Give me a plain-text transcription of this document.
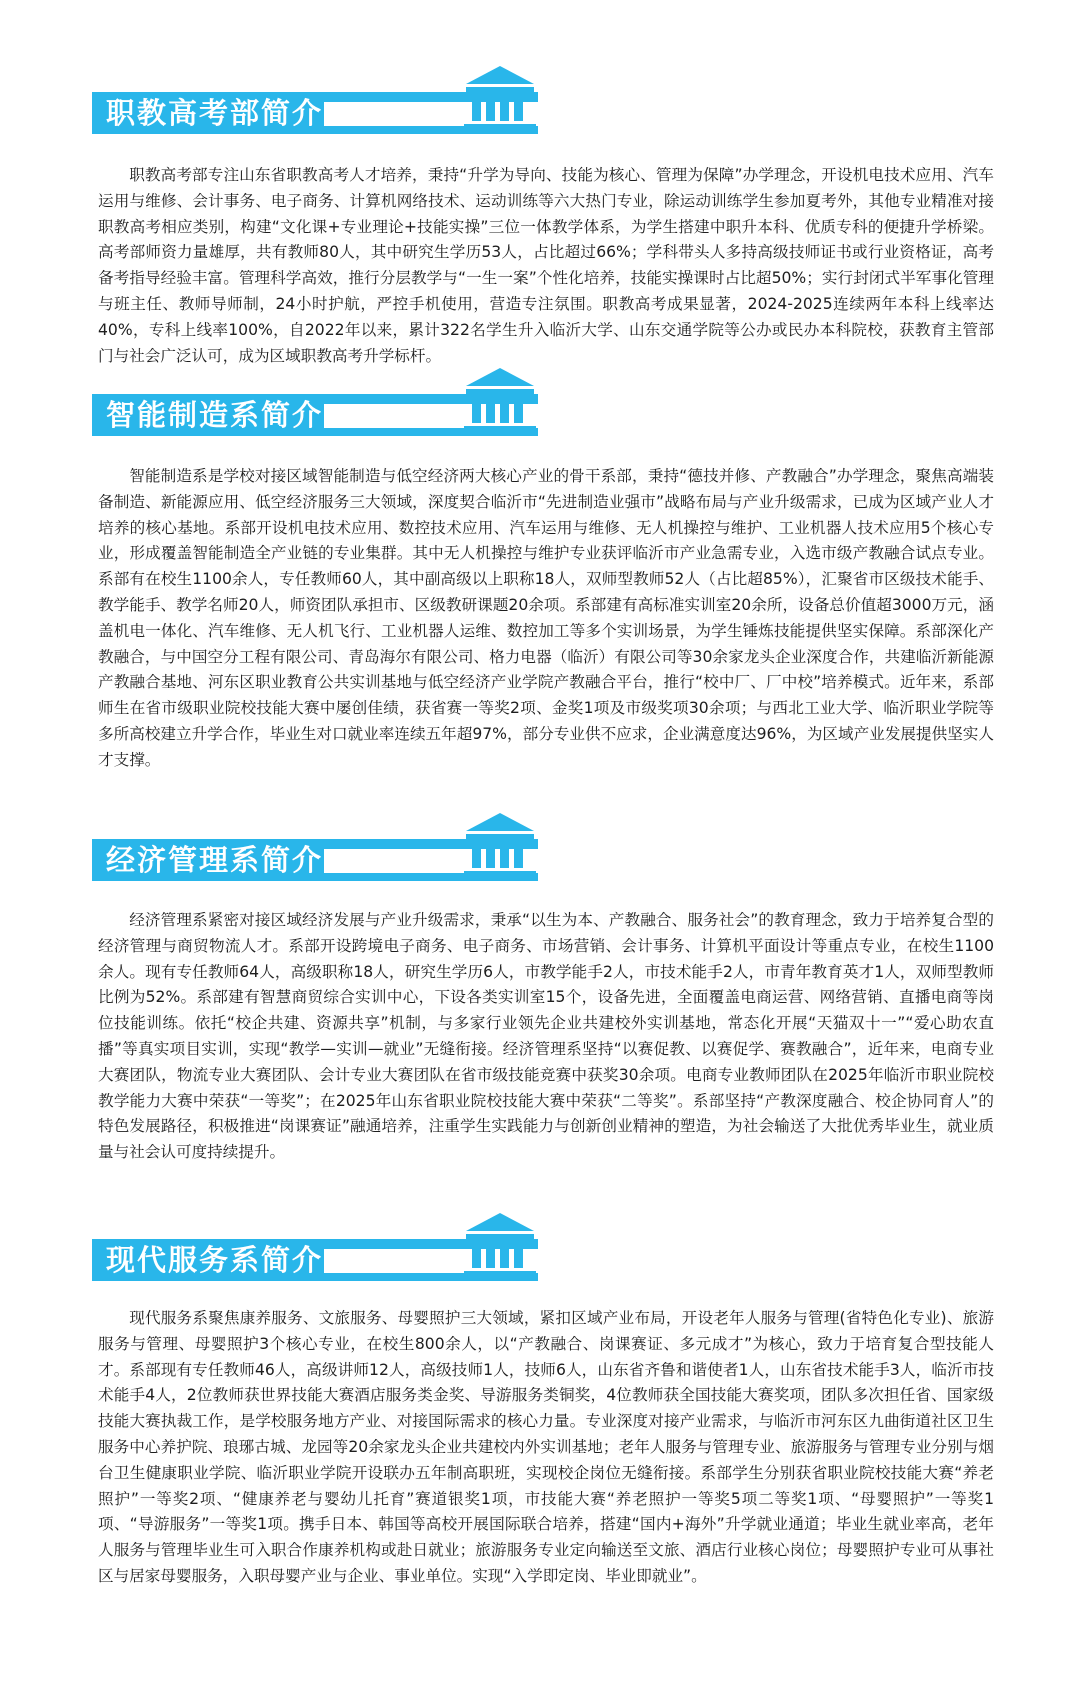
职教高考部简介

职教高考部专注山东省职教高考人才培养，秉持“升学为导向、技能为核心、管理为保障”办学理念，开设机电技术应用、汽车运用与维修、会计事务、电子商务、计算机网络技术、运动训练等六大热门专业，除运动训练学生参加夏考外，其他专业精准对接职教高考相应类别，构建“文化课+专业理论+技能实操”三位一体教学体系，为学生搭建中职升本科、优质专科的便捷升学桥梁。高考部师资力量雄厚，共有教师80人，其中研究生学历53人，占比超过66%；学科带头人多持高级技师证书或行业资格证，高考备考指导经验丰富。管理科学高效，推行分层教学与“一生一案”个性化培养，技能实操课时占比超50%；实行封闭式半军事化管理与班主任、教师导师制，24小时护航，严控手机使用，营造专注氛围。职教高考成果显著，2024-2025连续两年本科上线率达40%，专科上线率100%，自2022年以来，累计322名学生升入临沂大学、山东交通学院等公办或民办本科院校，获教育主管部门与社会广泛认可，成为区域职教高考升学标杆。

智能制造系简介

智能制造系是学校对接区域智能制造与低空经济两大核心产业的骨干系部，秉持“德技并修、产教融合”办学理念，聚焦高端装备制造、新能源应用、低空经济服务三大领域，深度契合临沂市“先进制造业强市”战略布局与产业升级需求，已成为区域产业人才培养的核心基地。系部开设机电技术应用、数控技术应用、汽车运用与维修、无人机操控与维护、工业机器人技术应用5个核心专业，形成覆盖智能制造全产业链的专业集群。其中无人机操控与维护专业获评临沂市产业急需专业，入选市级产教融合试点专业。系部有在校生1100余人，专任教师60人，其中副高级以上职称18人，双师型教师52人（占比超85%），汇聚省市区级技术能手、教学能手、教学名师20人，师资团队承担市、区级教研课题20余项。系部建有高标准实训室20余所，设备总价值超3000万元，涵盖机电一体化、汽车维修、无人机飞行、工业机器人运维、数控加工等多个实训场景，为学生锤炼技能提供坚实保障。系部深化产教融合，与中国空分工程有限公司、青岛海尔有限公司、格力电器（临沂）有限公司等30余家龙头企业深度合作，共建临沂新能源产教融合基地、河东区职业教育公共实训基地与低空经济产业学院产教融合平台，推行“校中厂、厂中校”培养模式。近年来，系部师生在省市级职业院校技能大赛中屡创佳绩，获省赛一等奖2项、金奖1项及市级奖项30余项；与西北工业大学、临沂职业学院等多所高校建立升学合作，毕业生对口就业率连续五年超97%，部分专业供不应求，企业满意度达96%，为区域产业发展提供坚实人才支撑。

经济管理系简介

经济管理系紧密对接区域经济发展与产业升级需求，秉承“以生为本、产教融合、服务社会”的教育理念，致力于培养复合型的经济管理与商贸物流人才。系部开设跨境电子商务、电子商务、市场营销、会计事务、计算机平面设计等重点专业，在校生1100余人。现有专任教师64人，高级职称18人，研究生学历6人，市教学能手2人，市技术能手2人，市青年教育英才1人，双师型教师比例为52%。系部建有智慧商贸综合实训中心，下设各类实训室15个，设备先进，全面覆盖电商运营、网络营销、直播电商等岗位技能训练。依托“校企共建、资源共享”机制，与多家行业领先企业共建校外实训基地，常态化开展“天猫双十一”“爱心助农直播”等真实项目实训，实现“教学—实训—就业”无缝衔接。经济管理系坚持“以赛促教、以赛促学、赛教融合”，近年来，电商专业大赛团队，物流专业大赛团队、会计专业大赛团队在省市级技能竞赛中获奖30余项。电商专业教师团队在2025年临沂市职业院校教学能力大赛中荣获“一等奖”；在2025年山东省职业院校技能大赛中荣获“二等奖”。系部坚持“产教深度融合、校企协同育人”的特色发展路径，积极推进“岗课赛证”融通培养，注重学生实践能力与创新创业精神的塑造，为社会输送了大批优秀毕业生，就业质量与社会认可度持续提升。

现代服务系简介

现代服务系聚焦康养服务、文旅服务、母婴照护三大领域，紧扣区域产业布局，开设老年人服务与管理(省特色化专业)、旅游服务与管理、母婴照护3个核心专业，在校生800余人，以“产教融合、岗课赛证、多元成才”为核心，致力于培育复合型技能人才。系部现有专任教师46人，高级讲师12人，高级技师1人，技师6人，山东省齐鲁和谐使者1人，山东省技术能手3人，临沂市技术能手4人，2位教师获世界技能大赛酒店服务类金奖、导游服务类铜奖，4位教师获全国技能大赛奖项，团队多次担任省、国家级技能大赛执裁工作，是学校服务地方产业、对接国际需求的核心力量。专业深度对接产业需求，与临沂市河东区九曲街道社区卫生服务中心养护院、琅琊古城、龙园等20余家龙头企业共建校内外实训基地；老年人服务与管理专业、旅游服务与管理专业分别与烟台卫生健康职业学院、临沂职业学院开设联办五年制高职班，实现校企岗位无缝衔接。系部学生分别获省职业院校技能大赛“养老照护”一等奖2项、“健康养老与婴幼儿托育”赛道银奖1项，市技能大赛“养老照护一等奖5项二等奖1项、“母婴照护”一等奖1项、“导游服务”一等奖1项。携手日本、韩国等高校开展国际联合培养，搭建“国内+海外”升学就业通道；毕业生就业率高，老年人服务与管理毕业生可入职合作康养机构或赴日就业；旅游服务专业定向输送至文旅、酒店行业核心岗位；母婴照护专业可从事社区与居家母婴服务，入职母婴产业与企业、事业单位。实现“入学即定岗、毕业即就业”。
